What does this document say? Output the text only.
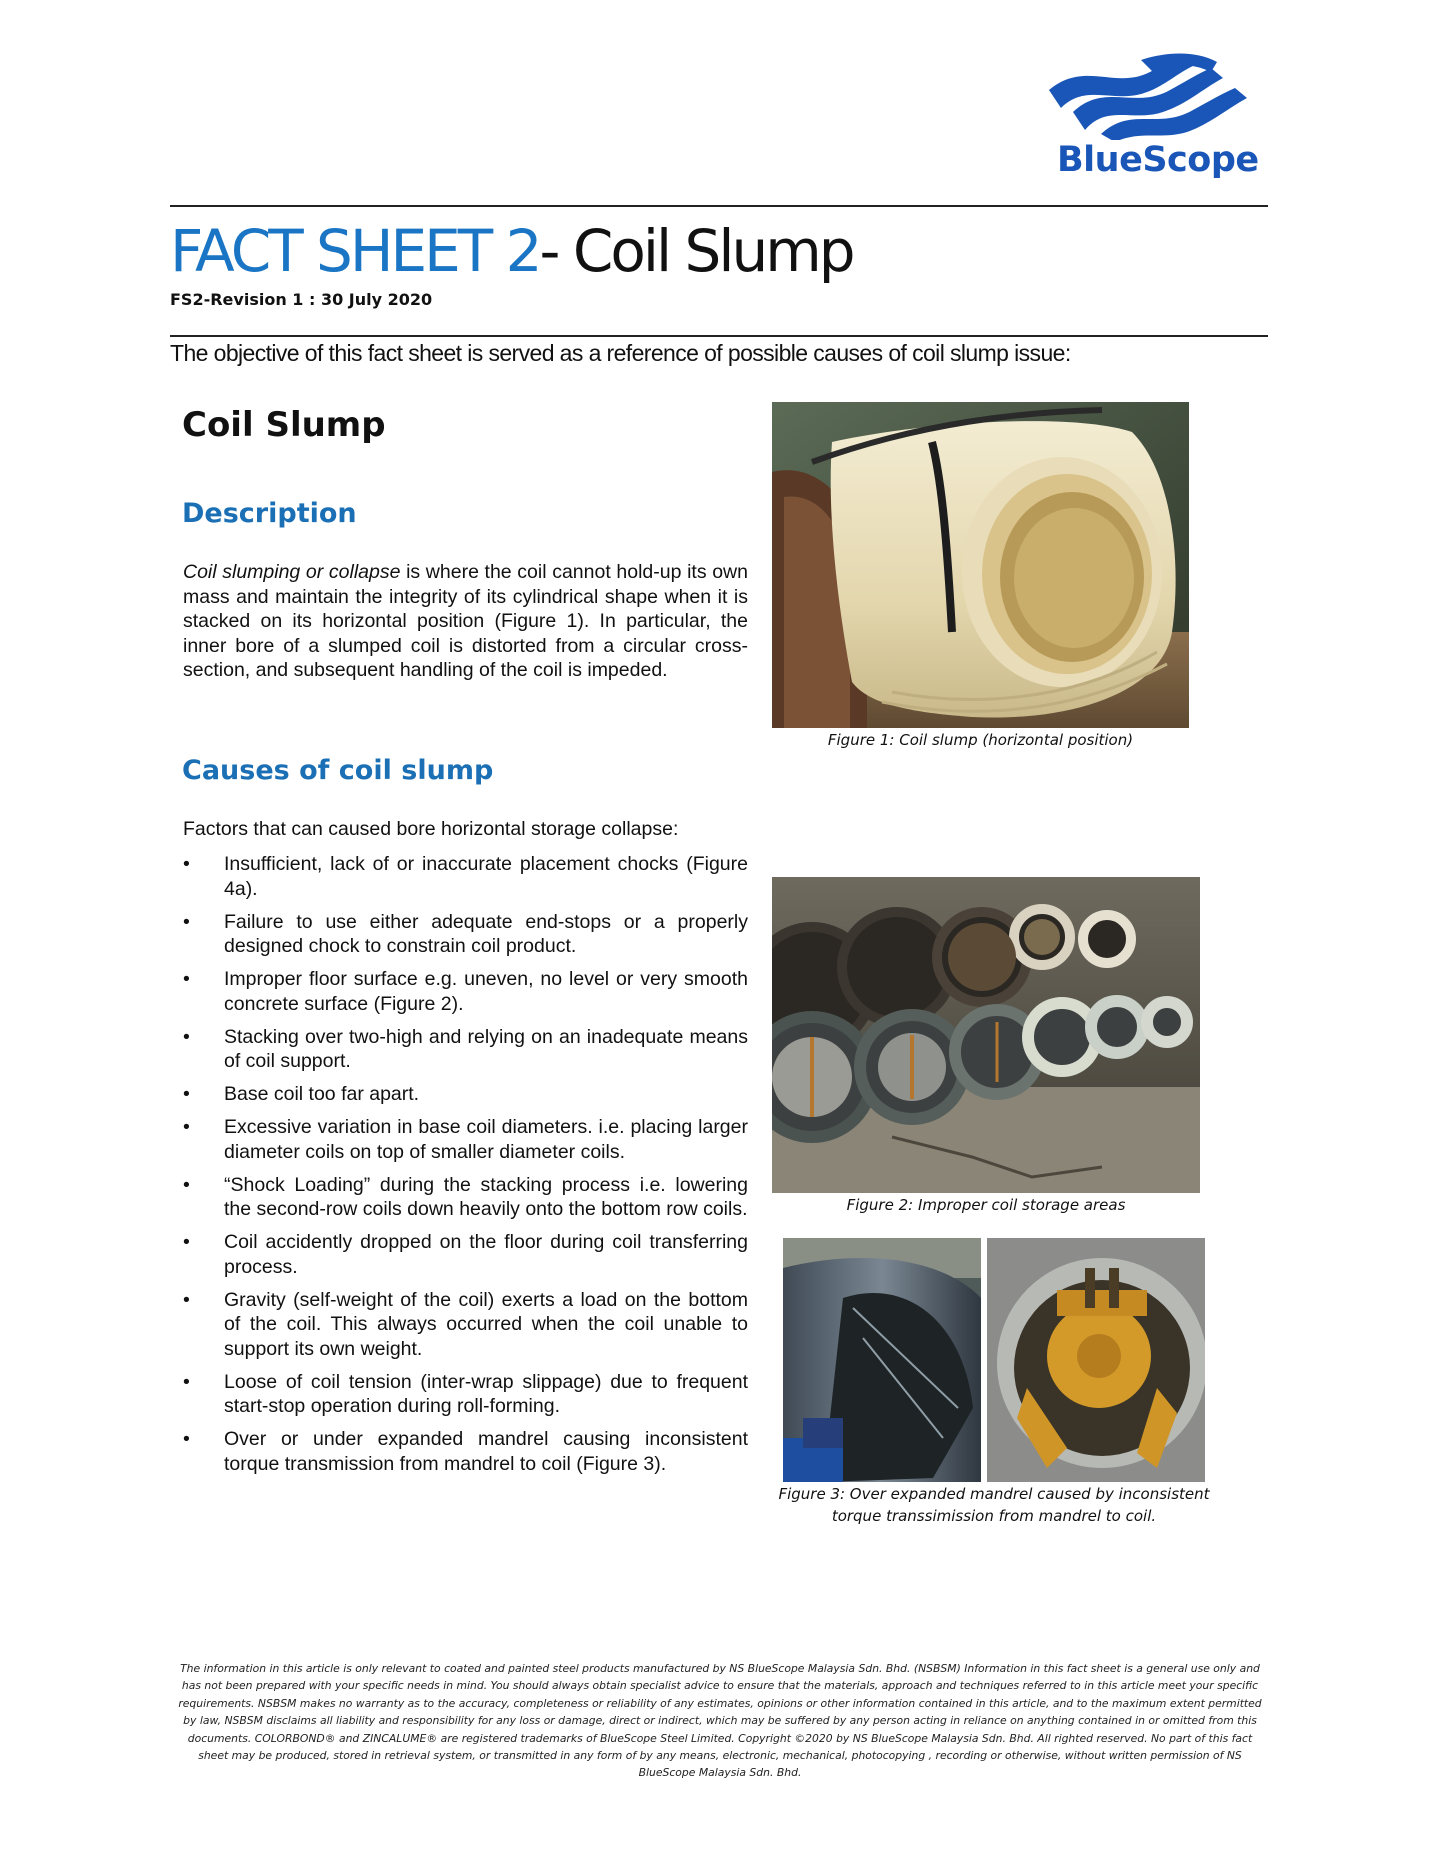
BlueScope
FACT SHEET 2- Coil Slump
FS2-Revision 1 : 30 July 2020
The objective of this fact sheet is served as a reference of possible causes of coil slump issue:
Coil Slump
Description
Coil slumping or collapse is where the coil cannot hold-up its own mass and maintain the integrity of its cylindrical shape when it is stacked on its horizontal position (Figure 1). In particular, the inner bore of a slumped coil is distorted from a circular cross-section, and subsequent handling of the coil is impeded.
Causes of coil slump
Factors that can caused bore horizontal storage collapse:
• Insufficient, lack of or inaccurate placement chocks (Figure 4a).
• Failure to use either adequate end-stops or a properly designed chock to constrain coil product.
• Improper floor surface e.g. uneven, no level or very smooth concrete surface (Figure 2).
• Stacking over two-high and relying on an inadequate means of coil support.
• Base coil too far apart.
• Excessive variation in base coil diameters. i.e. placing larger diameter coils on top of smaller diameter coils.
• “Shock Loading” during the stacking process i.e. lowering the second-row coils down heavily onto the bottom row coils.
• Coil accidently dropped on the floor during coil transferring process.
• Gravity (self-weight of the coil) exerts a load on the bottom of the coil. This always occurred when the coil unable to support its own weight.
• Loose of coil tension (inter-wrap slippage) due to frequent start-stop operation during roll-forming.
• Over or under expanded mandrel causing inconsistent torque transmission from mandrel to coil (Figure 3).
Figure 1: Coil slump (horizontal position)
Figure 2: Improper coil storage areas
Figure 3: Over expanded mandrel caused by inconsistent
torque transsimission from mandrel to coil.
The information in this article is only relevant to coated and painted steel products manufactured by NS BlueScope Malaysia Sdn. Bhd. (NSBSM) Information in this fact sheet is a general use only and has not been prepared with your specific needs in mind. You should always obtain specialist advice to ensure that the materials, approach and techniques referred to in this article meet your specific requirements. NSBSM makes no warranty as to the accuracy, completeness or reliability of any estimates, opinions or other information contained in this article, and to the maximum extent permitted by law, NSBSM disclaims all liability and responsibility for any loss or damage, direct or indirect, which may be suffered by any person acting in reliance on anything contained in or omitted from this documents. COLORBOND® and ZINCALUME® are registered trademarks of BlueScope Steel Limited. Copyright ©2020 by NS BlueScope Malaysia Sdn. Bhd. All righted reserved. No part of this fact sheet may be produced, stored in retrieval system, or transmitted in any form of by any means, electronic, mechanical, photocopying , recording or otherwise, without written permission of NS BlueScope Malaysia Sdn. Bhd.
